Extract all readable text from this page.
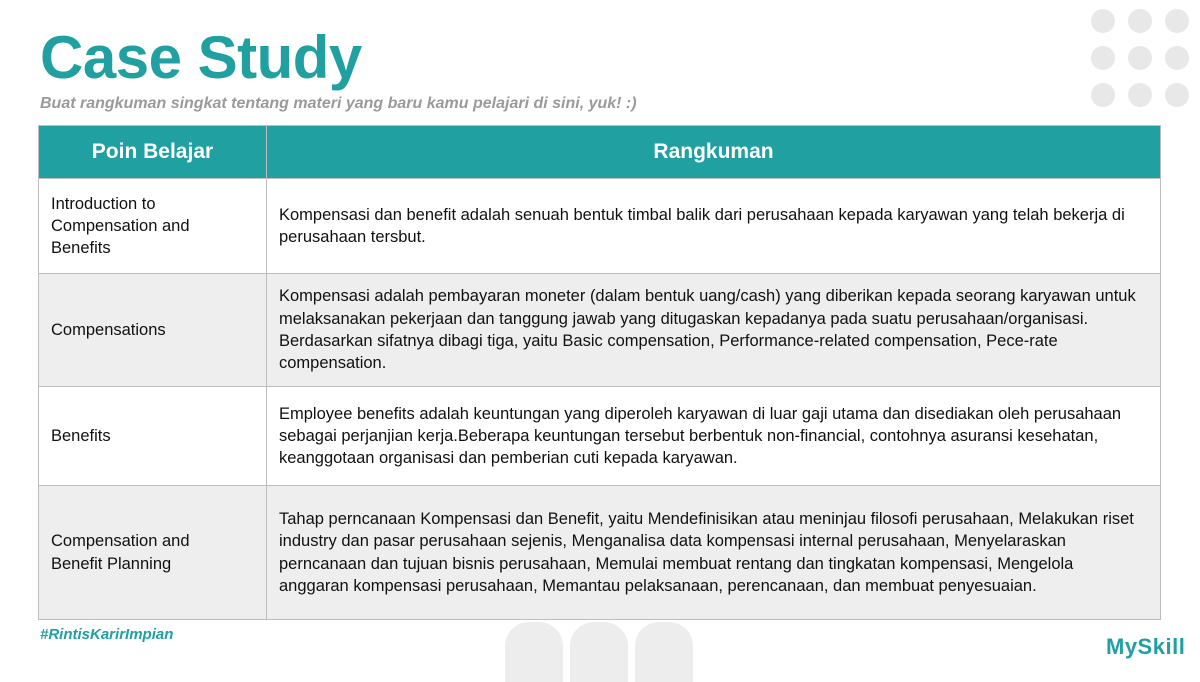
Case Study
Buat rangkuman singkat tentang materi yang baru kamu pelajari di sini, yuk! :)
Poin Belajar	Rangkuman
Introduction to Compensation and Benefits	Kompensasi dan benefit adalah senuah bentuk timbal balik dari perusahaan kepada karyawan yang telah bekerja di perusahaan tersbut.
Compensations	Kompensasi adalah pembayaran moneter (dalam bentuk uang/cash) yang diberikan kepada seorang karyawan untuk melaksanakan pekerjaan dan tanggung jawab yang ditugaskan kepadanya pada suatu perusahaan/organisasi. Berdasarkan sifatnya dibagi tiga, yaitu Basic compensation, Performance-related compensation, Pece-rate compensation.
Benefits	Employee benefits adalah keuntungan yang diperoleh karyawan di luar gaji utama dan disediakan oleh perusahaan sebagai perjanjian kerja.Beberapa keuntungan tersebut berbentuk non-financial, contohnya asuransi kesehatan, keanggotaan organisasi dan pemberian cuti kepada karyawan.
Compensation and Benefit Planning	Tahap perncanaan Kompensasi dan Benefit, yaitu Mendefinisikan atau meninjau filosofi perusahaan, Melakukan riset industry dan pasar perusahaan sejenis, Menganalisa data kompensasi internal perusahaan, Menyelaraskan perncanaan dan tujuan bisnis perusahaan, Memulai membuat rentang dan tingkatan kompensasi, Mengelola anggaran kompensasi perusahaan, Memantau pelaksanaan, perencanaan, dan membuat penyesuaian.
#RintisKarirImpian	MySkill
